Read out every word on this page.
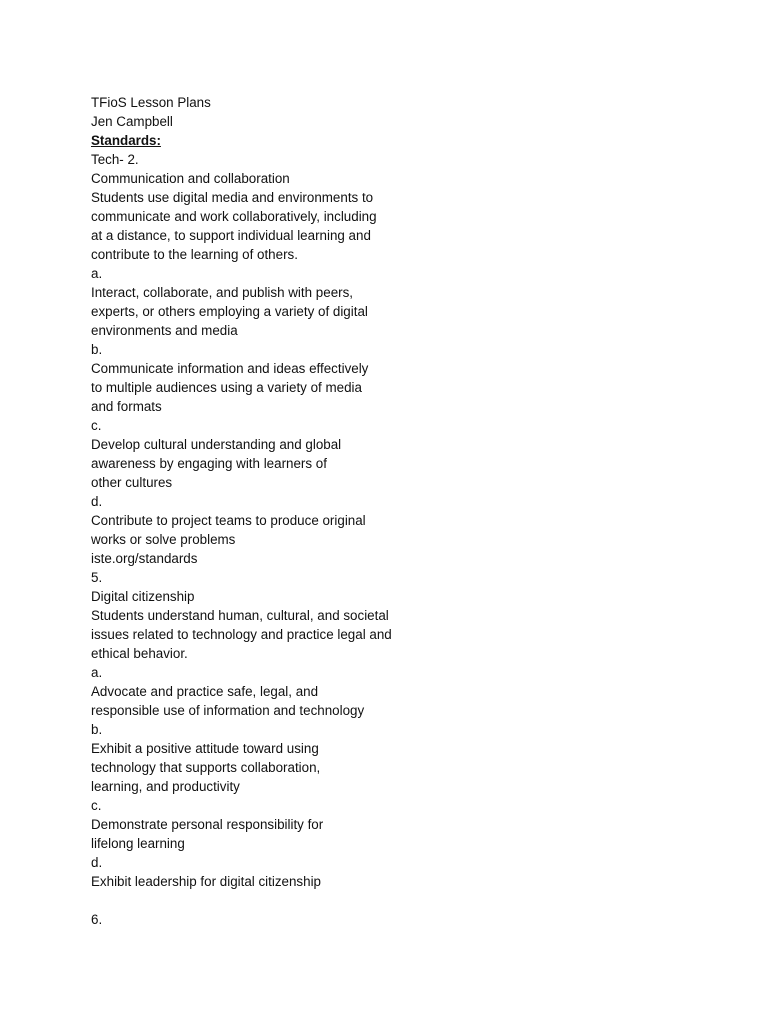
TFioS Lesson Plans
Jen Campbell
Standards:
Tech- 2.
Communication and collaboration
Students use digital media and environments to
communicate and work collaboratively, including
at a distance, to support individual learning and
contribute to the learning of others.
a.
Interact, collaborate, and publish with peers,
experts, or others employing a variety of digital
environments and media
b.
Communicate information and ideas effectively
to multiple audiences using a variety of media
and formats
c.
Develop cultural understanding and global
awareness by engaging with learners of
other cultures
d.
Contribute to project teams to produce original
works or solve problems
iste.org/standards
5.
Digital citizenship
Students understand human, cultural, and societal
issues related to technology and practice legal and
ethical behavior.
a.
Advocate and practice safe, legal, and
responsible use of information and technology
b.
Exhibit a positive attitude toward using
technology that supports collaboration,
learning, and productivity
c.
Demonstrate personal responsibility for
lifelong learning
d.
Exhibit leadership for digital citizenship
6.
